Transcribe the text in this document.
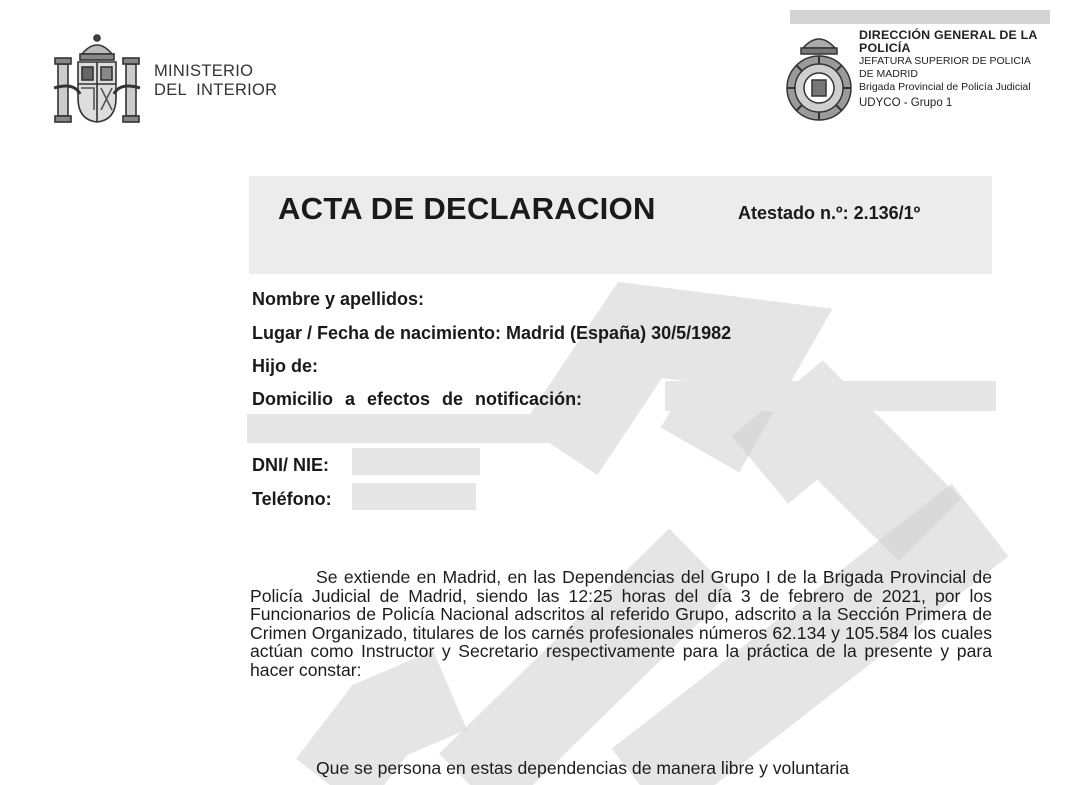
MINISTERIO
DEL  INTERIOR
DIRECCIÓN GENERAL DE LA POLICÍA
JEFATURA SUPERIOR DE POLICIA
DE MADRID
Brigada Provincial de Policía Judicial
UDYCO - Grupo 1
ACTA DE DECLARACION	Atestado n.º: 2.136/1º
Nombre y apellidos:
Lugar / Fecha de nacimiento: Madrid (España) 30/5/1982
Hijo de:
Domicilio a efectos de notificación:
DNI/ NIE:
Teléfono:
Se extiende en Madrid, en las Dependencias del Grupo I de la Brigada Provincial de Policía Judicial de Madrid, siendo las 12:25 horas del día 3 de febrero de 2021, por los Funcionarios de Policía Nacional adscritos al referido Grupo, adscrito a la Sección Primera de Crimen Organizado, titulares de los carnés profesionales números 62.134 y 105.584 los cuales actúan como Instructor y Secretario respectivamente para la práctica de la presente y para hacer constar:
Que se persona en estas dependencias de manera libre y voluntaria
